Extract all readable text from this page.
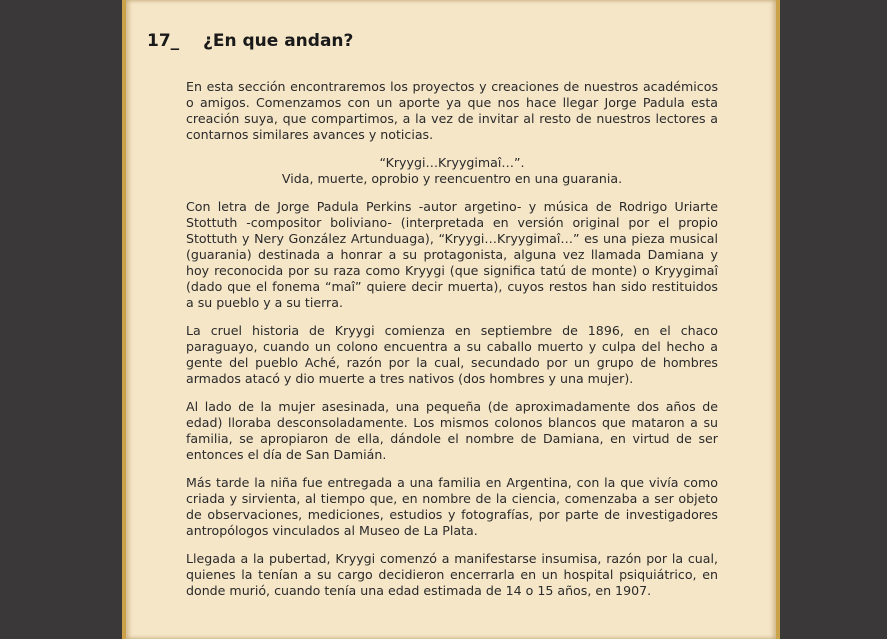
17_ ¿En que andan?

En esta sección encontraremos los proyectos y creaciones de nuestros académicos o amigos. Comenzamos con un aporte ya que nos hace llegar Jorge Padula esta creación suya, que compartimos, a la vez de invitar al resto de nuestros lectores a contarnos similares avances y noticias.

“Kryygi…Kryygimaî…”.
Vida, muerte, oprobio y reencuentro en una guarania.

Con letra de Jorge Padula Perkins -autor argetino- y música de Rodrigo Uriarte Stottuth -compositor boliviano- (interpretada en versión original por el propio Stottuth y Nery González Artunduaga), “Kryygi…Kryygimaî…” es una pieza musical (guarania) destinada a honrar a su protagonista, alguna vez llamada Damiana y hoy reconocida por su raza como Kryygi (que significa tatú de monte) o Kryygimaî (dado que el fonema “maî” quiere decir muerta), cuyos restos han sido restituidos a su pueblo y a su tierra.

La cruel historia de Kryygi comienza en septiembre de 1896, en el chaco paraguayo, cuando un colono encuentra a su caballo muerto y culpa del hecho a gente del pueblo Aché, razón por la cual, secundado por un grupo de hombres armados atacó y dio muerte a tres nativos (dos hombres y una mujer).

Al lado de la mujer asesinada, una pequeña (de aproximadamente dos años de edad) lloraba desconsoladamente. Los mismos colonos blancos que mataron a su familia, se apropiaron de ella, dándole el nombre de Damiana, en virtud de ser entonces el día de San Damián.

Más tarde la niña fue entregada a una familia en Argentina, con la que vivía como criada y sirvienta, al tiempo que, en nombre de la ciencia, comenzaba a ser objeto de observaciones, mediciones, estudios y fotografías, por parte de investigadores antropólogos vinculados al Museo de La Plata.

Llegada a la pubertad, Kryygi comenzó a manifestarse insumisa, razón por la cual, quienes la tenían a su cargo decidieron encerrarla en un hospital psiquiátrico, en donde murió, cuando tenía una edad estimada de 14 o 15 años, en 1907.
